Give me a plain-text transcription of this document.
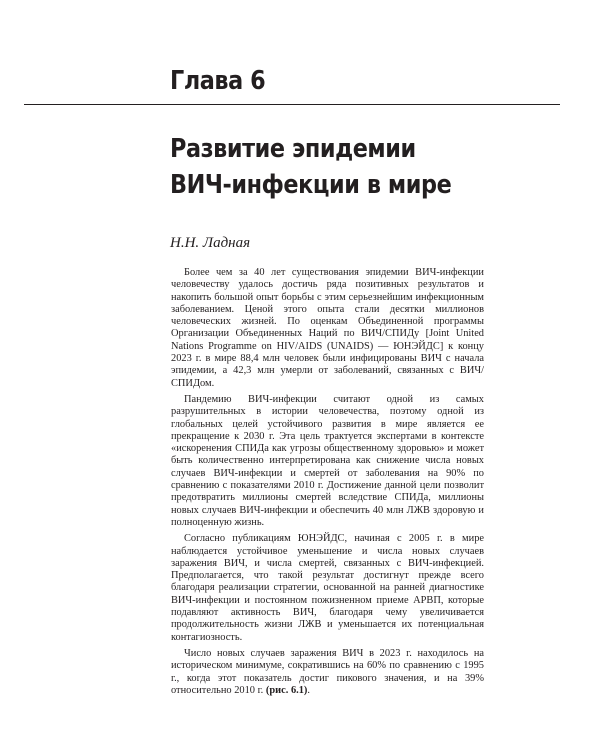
Глава 6
Развитие эпидемии
ВИЧ-инфекции в мире
Н.Н. Ладная

Более чем за 40 лет существования эпидемии ВИЧ-инфекции человечеству удалось достичь ряда позитивных результатов и накопить большой опыт борьбы с этим серьезнейшим инфекционным заболеванием. Ценой этого опыта стали десятки миллионов человеческих жизней. По оценкам Объединенной программы Организации Объединенных Наций по ВИЧ/СПИДу [Joint United Nations Programme on HIV/AIDS (UNAIDS) — ЮНЭЙДС] к концу 2023 г. в мире 88,4 млн человек были инфицированы ВИЧ с начала эпидемии, а 42,3 млн умерли от заболеваний, связанных с ВИЧ/СПИДом.

Пандемию ВИЧ-инфекции считают одной из самых разрушительных в истории человечества, поэтому одной из глобальных целей устойчивого развития в мире является ее прекращение к 2030 г. Эта цель трактуется экспертами в контексте «искоренения СПИДа как угрозы общественному здоровью» и может быть количественно интерпретирована как снижение числа новых случаев ВИЧ-инфекции и смертей от заболевания на 90% по сравнению с показателями 2010 г. Достижение данной цели позволит предотвратить миллионы смертей вследствие СПИДа, миллионы новых случаев ВИЧ-инфекции и обеспечить 40 млн ЛЖВ здоровую и полноценную жизнь.

Согласно публикациям ЮНЭЙДС, начиная с 2005 г. в мире наблюдается устойчивое уменьшение и числа новых случаев заражения ВИЧ, и числа смертей, связанных с ВИЧ-инфекцией. Предполагается, что такой результат достигнут прежде всего благодаря реализации стратегии, основанной на ранней диагностике ВИЧ-инфекции и постоянном пожизненном приеме АРВП, которые подавляют активность ВИЧ, благодаря чему увеличивается продолжительность жизни ЛЖВ и уменьшается их потенциальная контагиозность.

Число новых случаев заражения ВИЧ в 2023 г. находилось на историческом минимуме, сократившись на 60% по сравнению с 1995 г., когда этот показатель достиг пикового значения, и на 39% относительно 2010 г. (рис. 6.1).
